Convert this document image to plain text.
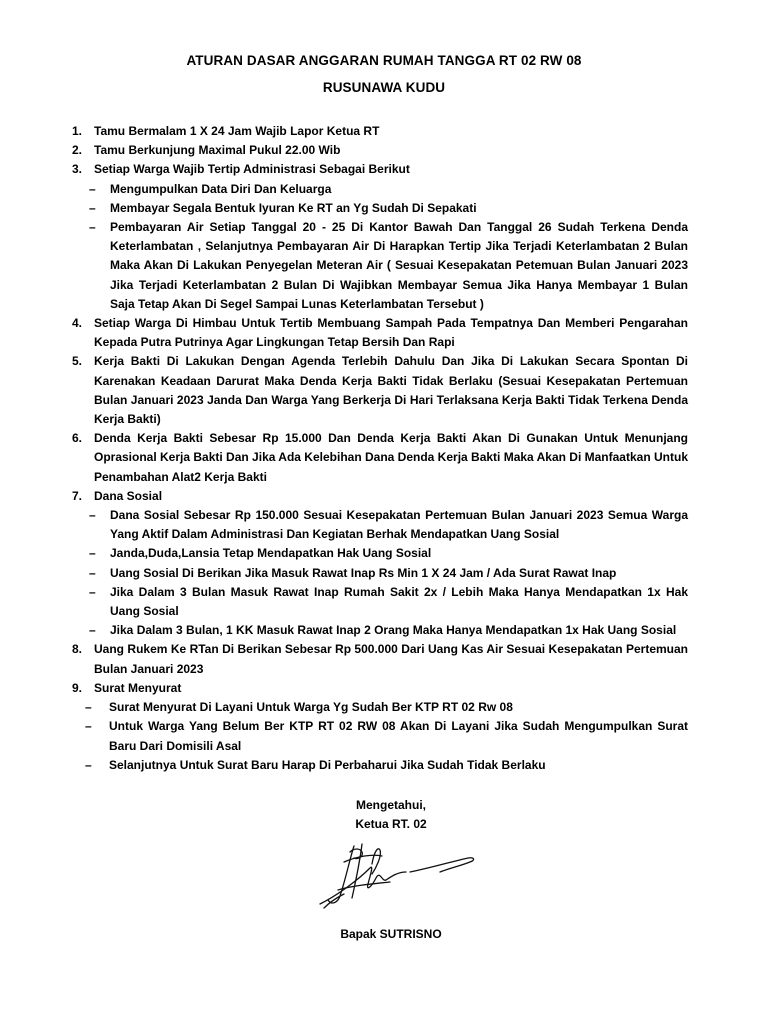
ATURAN DASAR ANGGARAN RUMAH TANGGA RT 02 RW 08
RUSUNAWA KUDU
1. Tamu Bermalam 1 X 24 Jam Wajib Lapor Ketua RT
2. Tamu Berkunjung Maximal Pukul 22.00 Wib
3. Setiap Warga Wajib Tertip Administrasi Sebagai Berikut
– Mengumpulkan Data Diri Dan Keluarga
– Membayar Segala Bentuk Iyuran Ke RT an Yg Sudah Di Sepakati
– Pembayaran Air Setiap Tanggal 20 - 25 Di Kantor Bawah Dan Tanggal 26 Sudah Terkena Denda Keterlambatan , Selanjutnya Pembayaran Air Di Harapkan Tertip Jika Terjadi Keterlambatan 2 Bulan Maka Akan Di Lakukan Penyegelan Meteran Air ( Sesuai Kesepakatan Petemuan Bulan Januari 2023 Jika Terjadi Keterlambatan 2 Bulan Di Wajibkan Membayar Semua Jika Hanya Membayar 1 Bulan Saja Tetap Akan Di Segel Sampai Lunas Keterlambatan Tersebut )
4. Setiap Warga Di Himbau Untuk Tertib Membuang Sampah Pada Tempatnya Dan Memberi Pengarahan Kepada Putra Putrinya Agar Lingkungan Tetap Bersih Dan Rapi
5. Kerja Bakti Di Lakukan Dengan Agenda Terlebih Dahulu Dan Jika Di Lakukan Secara Spontan Di Karenakan Keadaan Darurat Maka Denda Kerja Bakti Tidak Berlaku (Sesuai Kesepakatan Pertemuan Bulan Januari 2023 Janda Dan Warga Yang Berkerja Di Hari Terlaksana Kerja Bakti Tidak Terkena Denda Kerja Bakti)
6. Denda Kerja Bakti Sebesar Rp 15.000 Dan Denda Kerja Bakti Akan Di Gunakan Untuk Menunjang Oprasional Kerja Bakti Dan Jika Ada Kelebihan Dana Denda Kerja Bakti Maka Akan Di Manfaatkan Untuk Penambahan Alat2 Kerja Bakti
7. Dana Sosial
– Dana Sosial Sebesar Rp 150.000 Sesuai Kesepakatan Pertemuan Bulan Januari 2023 Semua Warga Yang Aktif Dalam Administrasi Dan Kegiatan Berhak Mendapatkan Uang Sosial
– Janda,Duda,Lansia Tetap Mendapatkan Hak Uang Sosial
– Uang Sosial Di Berikan Jika Masuk Rawat Inap Rs Min 1 X 24 Jam / Ada Surat Rawat Inap
– Jika Dalam 3 Bulan Masuk Rawat Inap Rumah Sakit 2x / Lebih Maka Hanya Mendapatkan 1x Hak Uang Sosial
– Jika Dalam 3 Bulan, 1 KK Masuk Rawat Inap 2 Orang Maka Hanya Mendapatkan 1x Hak Uang Sosial
8. Uang Rukem Ke RTan Di Berikan Sebesar Rp 500.000 Dari Uang Kas Air Sesuai Kesepakatan Pertemuan Bulan Januari 2023
9. Surat Menyurat
– Surat Menyurat Di Layani Untuk Warga Yg Sudah Ber KTP RT 02 Rw 08
– Untuk Warga Yang Belum Ber KTP RT 02 RW 08 Akan Di Layani Jika Sudah Mengumpulkan Surat Baru Dari Domisili Asal
– Selanjutnya Untuk Surat Baru Harap Di Perbaharui Jika Sudah Tidak Berlaku
Mengetahui,
Ketua RT. 02
Bapak SUTRISNO
